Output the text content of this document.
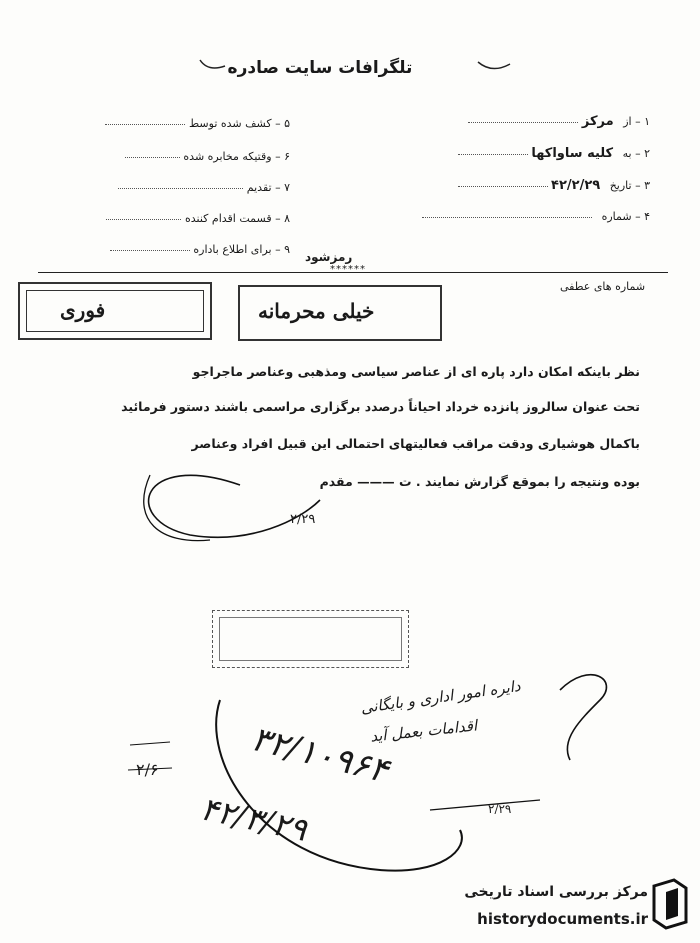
تلگرافات سایت صادره
۱ – از مرکز
۲ – به کلیه ساواکها
۳ – تاریخ ۴۲/۲/۲۹
۴ – شماره
۵ – کشف شده توسط
۶ – وقتیکه مخابره شده
۷ – تقدیم
۸ – قسمت اقدام کننده
۹ – برای اطلاع باداره
رمزشود
******
شماره های عطفی
فوری	خیلی محرمانه
نظر باینکه امکان دارد پاره ای از عناصر سیاسی ومذهبی وعناصر ماجراجو
تحت عنوان سالروز پانزده خرداد احیاناً درصدد برگزاری مراسمی باشند دستور فرمائید
باکمال هوشیاری ودقت مراقب فعالیتهای احتمالی این قبیل افراد وعناصر
بوده ونتیجه را بموقع گزارش نمایند . ت ——— مقدم
۲/۲۹
دایره امور اداری و بایگانی
اقدامات بعمل آید
۲/۲۹
۲/۶	۳۲/۱۰۹۶۴
۴۲/۳/۲۹
مرکز بررسی اسناد تاریخی
historydocuments.ir
